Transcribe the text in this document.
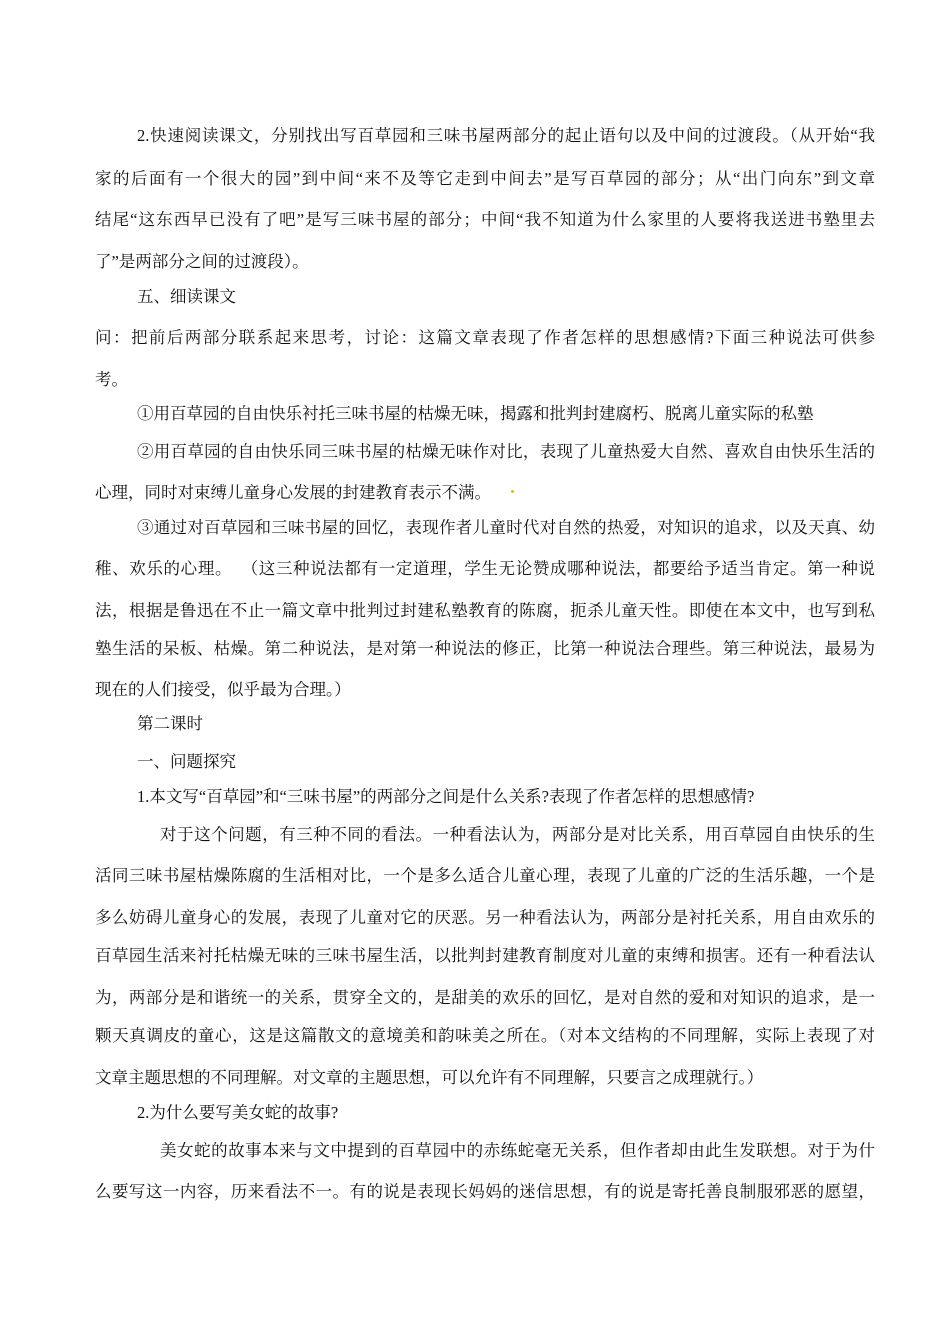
2.快速阅读课文，分别找出写百草园和三味书屋两部分的起止语句以及中间的过渡段。（从开始“我
家的后面有一个很大的园”到中间“来不及等它走到中间去”是写百草园的部分；从“出门向东”到文章
结尾“这东西早已没有了吧”是写三味书屋的部分；中间“我不知道为什么家里的人要将我送进书塾里去
了”是两部分之间的过渡段）。
五、细读课文
问：把前后两部分联系起来思考，讨论：这篇文章表现了作者怎样的思想感情?下面三种说法可供参
考。
①用百草园的自由快乐衬托三味书屋的枯燥无味，揭露和批判封建腐朽、脱离儿童实际的私塾
②用百草园的自由快乐同三味书屋的枯燥无味作对比，表现了儿童热爱大自然、喜欢自由快乐生活的
心理，同时对束缚儿童身心发展的封建教育表示不满。
③通过对百草园和三味书屋的回忆，表现作者儿童时代对自然的热爱，对知识的追求，以及天真、幼
稚、欢乐的心理。  （这三种说法都有一定道理，学生无论赞成哪种说法，都要给予适当肯定。第一种说
法，根据是鲁迅在不止一篇文章中批判过封建私塾教育的陈腐，扼杀儿童天性。即使在本文中，也写到私
塾生活的呆板、枯燥。第二种说法，是对第一种说法的修正，比第一种说法合理些。第三种说法，最易为
现在的人们接受，似乎最为合理。）
第二课时
一、问题探究
1.本文写“百草园”和“三味书屋”的两部分之间是什么关系?表现了作者怎样的思想感情?
对于这个问题，有三种不同的看法。一种看法认为，两部分是对比关系，用百草园自由快乐的生
活同三味书屋枯燥陈腐的生活相对比，一个是多么适合儿童心理，表现了儿童的广泛的生活乐趣，一个是
多么妨碍儿童身心的发展，表现了儿童对它的厌恶。另一种看法认为，两部分是衬托关系，用自由欢乐的
百草园生活来衬托枯燥无味的三味书屋生活，以批判封建教育制度对儿童的束缚和损害。还有一种看法认
为，两部分是和谐统一的关系，贯穿全文的，是甜美的欢乐的回忆，是对自然的爱和对知识的追求，是一
颗天真调皮的童心，这是这篇散文的意境美和韵味美之所在。（对本文结构的不同理解，实际上表现了对
文章主题思想的不同理解。对文章的主题思想，可以允许有不同理解，只要言之成理就行。）
2.为什么要写美女蛇的故事?
美女蛇的故事本来与文中提到的百草园中的赤练蛇毫无关系，但作者却由此生发联想。对于为什
么要写这一内容，历来看法不一。有的说是表现长妈妈的迷信思想，有的说是寄托善良制服邪恶的愿望，
